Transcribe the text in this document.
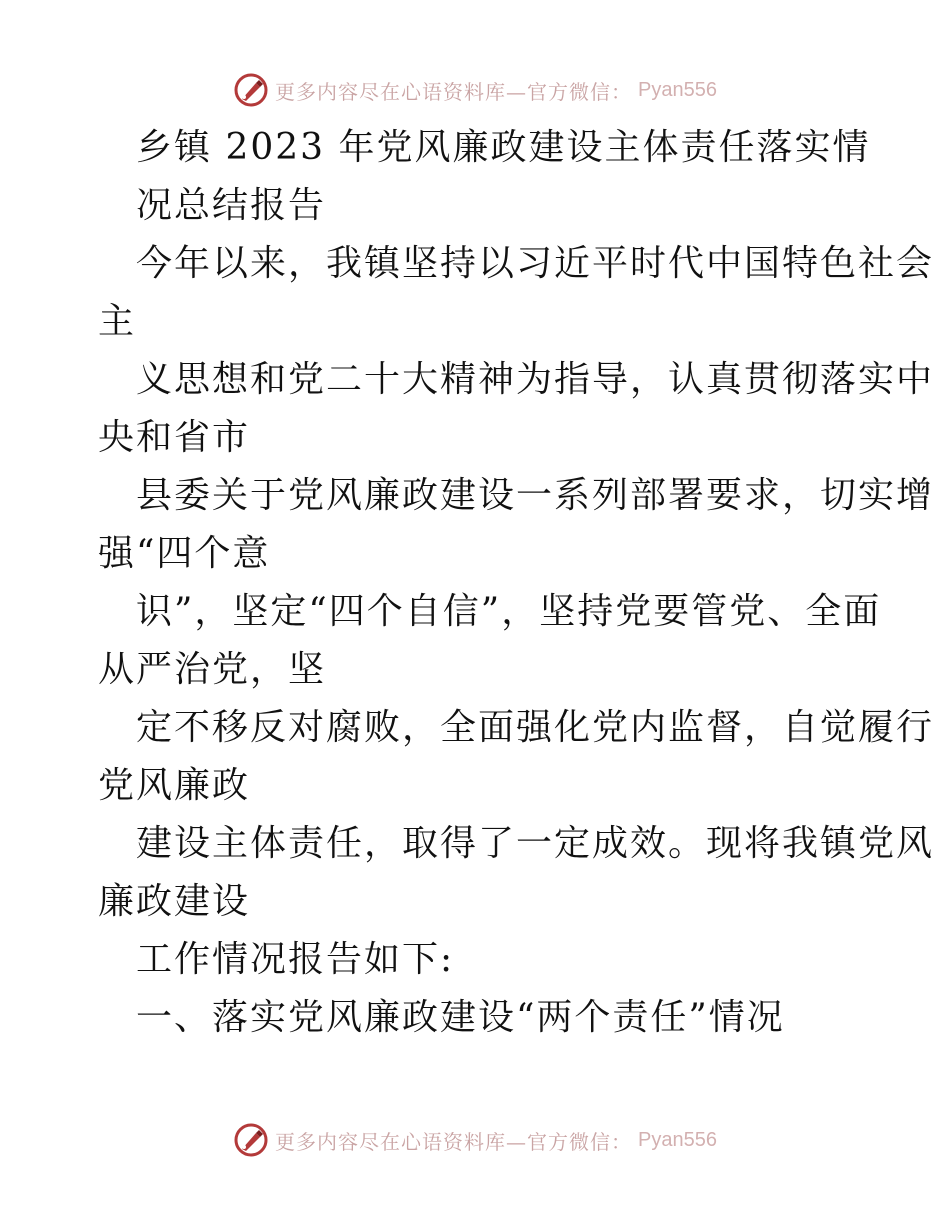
更多内容尽在心语资料库—官方微信： Pyan556
乡镇 2023 年党风廉政建设主体责任落实情
况总结报告
今年以来，我镇坚持以习近平时代中国特色社会
主
义思想和党二十大精神为指导，认真贯彻落实中
央和省市
县委关于党风廉政建设一系列部署要求，切实增
强“四个意
识”，坚定“四个自信”，坚持党要管党、全面
从严治党，坚
定不移反对腐败，全面强化党内监督，自觉履行
党风廉政
建设主体责任，取得了一定成效。现将我镇党风
廉政建设
工作情况报告如下:
一、落实党风廉政建设“两个责任”情况
更多内容尽在心语资料库—官方微信： Pyan556
